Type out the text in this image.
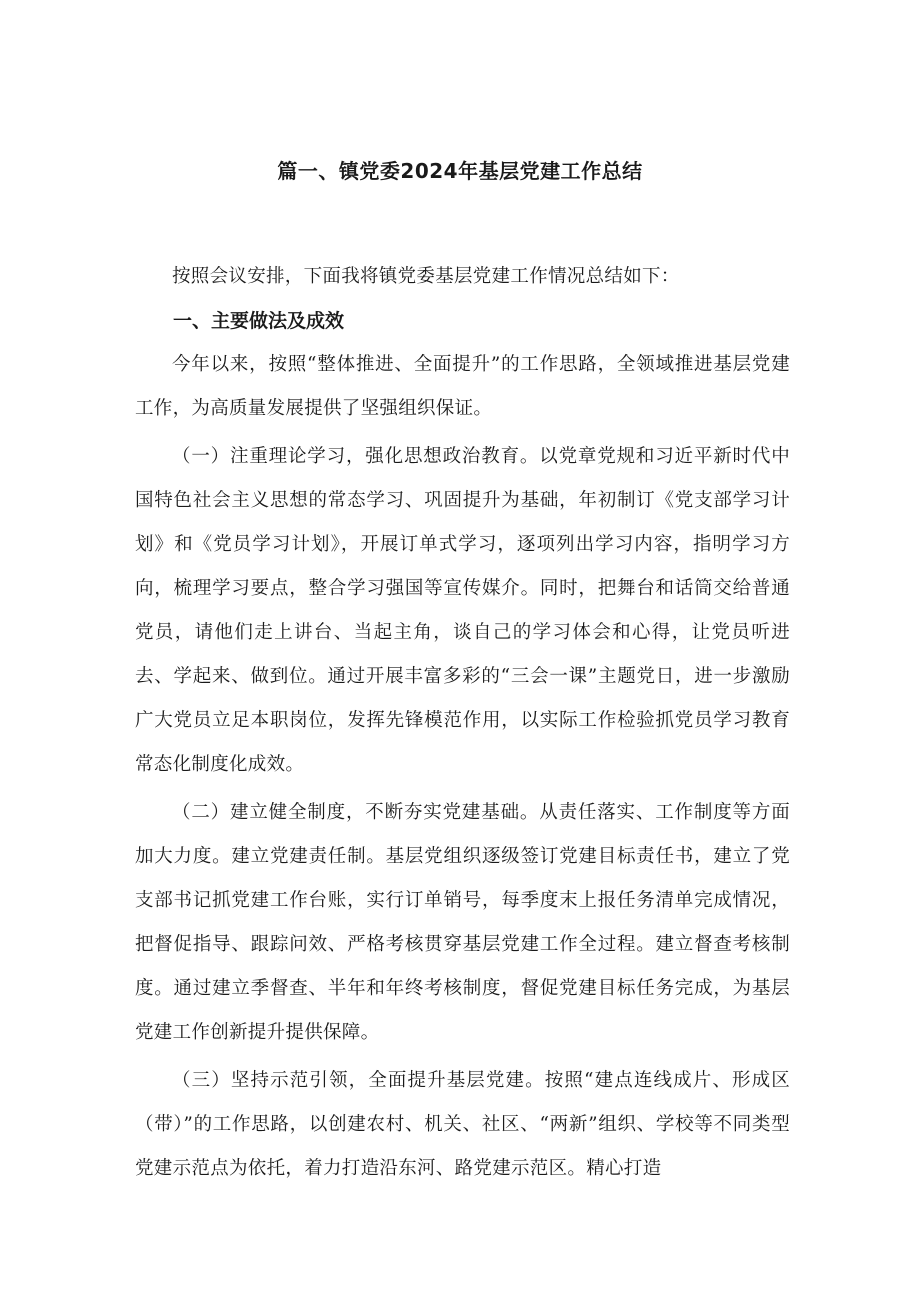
篇一、镇党委2024年基层党建工作总结

按照会议安排，下面我将镇党委基层党建工作情况总结如下：

一、主要做法及成效

今年以来，按照“整体推进、全面提升”的工作思路，全领域推进基层党建工作，为高质量发展提供了坚强组织保证。

（一）注重理论学习，强化思想政治教育。以党章党规和习近平新时代中国特色社会主义思想的常态学习、巩固提升为基础，年初制订《党支部学习计划》和《党员学习计划》，开展订单式学习，逐项列出学习内容，指明学习方向，梳理学习要点，整合学习强国等宣传媒介。同时，把舞台和话筒交给普通党员，请他们走上讲台、当起主角，谈自己的学习体会和心得，让党员听进去、学起来、做到位。通过开展丰富多彩的“三会一课”主题党日，进一步激励广大党员立足本职岗位，发挥先锋模范作用，以实际工作检验抓党员学习教育常态化制度化成效。

（二）建立健全制度，不断夯实党建基础。从责任落实、工作制度等方面加大力度。建立党建责任制。基层党组织逐级签订党建目标责任书，建立了党支部书记抓党建工作台账，实行订单销号，每季度末上报任务清单完成情况，把督促指导、跟踪问效、严格考核贯穿基层党建工作全过程。建立督查考核制度。通过建立季督查、半年和年终考核制度，督促党建目标任务完成，为基层党建工作创新提升提供保障。

（三）坚持示范引领，全面提升基层党建。按照“建点连线成片、形成区（带）”的工作思路，以创建农村、机关、社区、“两新”组织、学校等不同类型党建示范点为依托，着力打造沿东河、路党建示范区。精心打造
